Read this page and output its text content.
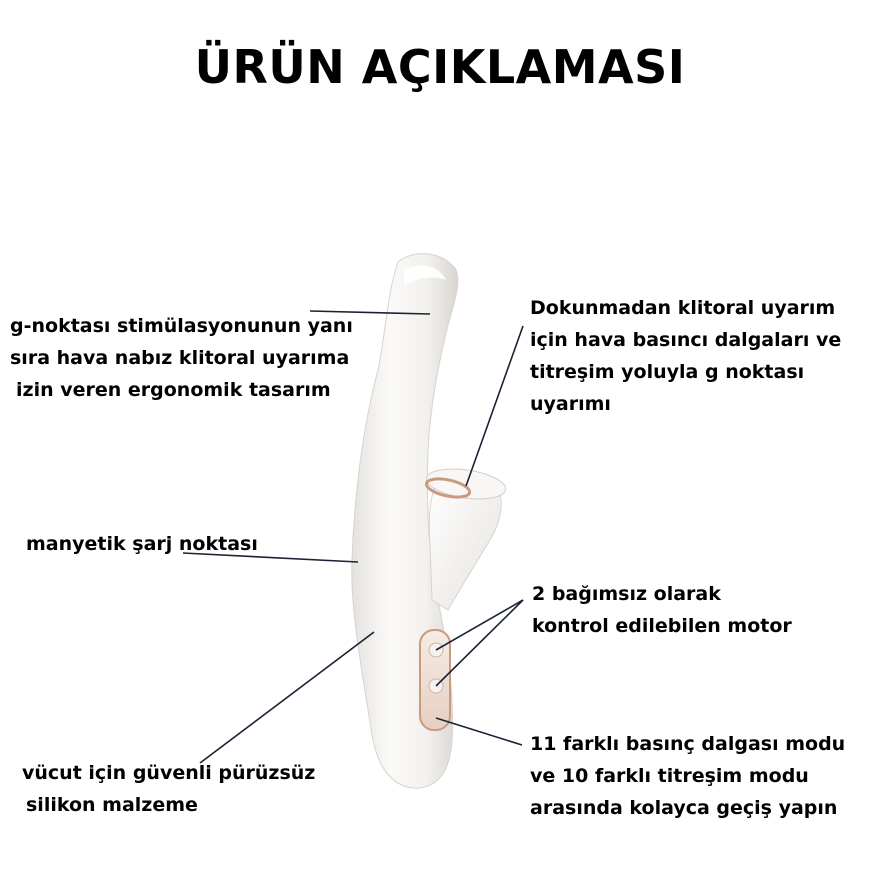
ÜRÜN AÇIKLAMASI
g-noktası stimülasyonunun yanı
sıra hava nabız klitoral uyarıma
izin veren ergonomik tasarım
manyetik şarj noktası
vücut için güvenli pürüzsüz
silikon malzeme
Dokunmadan klitoral uyarım
için hava basıncı dalgaları ve
titreşim yoluyla g noktası
uyarımı
2 bağımsız olarak
kontrol edilebilen motor
11 farklı basınç dalgası modu
ve 10 farklı titreşim modu
arasında kolayca geçiş yapın
